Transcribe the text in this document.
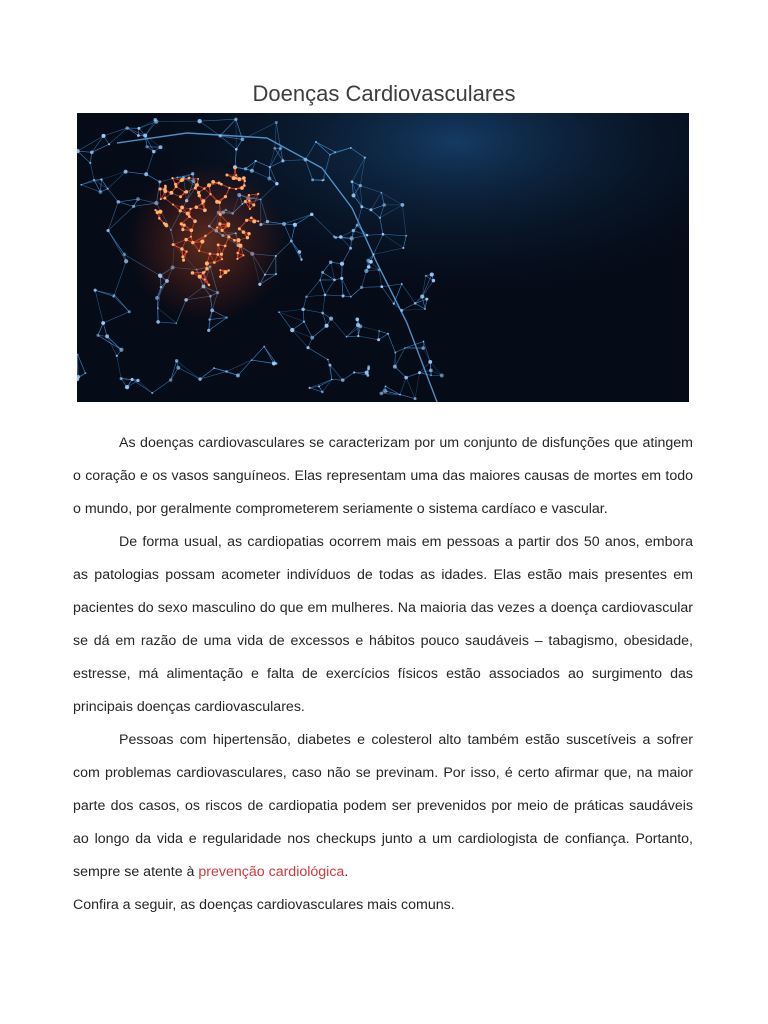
Doenças Cardiovasculares

As doenças cardiovasculares se caracterizam por um conjunto de disfunções que atingem o coração e os vasos sanguíneos. Elas representam uma das maiores causas de mortes em todo o mundo, por geralmente comprometerem seriamente o sistema cardíaco e vascular.

De forma usual, as cardiopatias ocorrem mais em pessoas a partir dos 50 anos, embora as patologias possam acometer indivíduos de todas as idades. Elas estão mais presentes em pacientes do sexo masculino do que em mulheres. Na maioria das vezes a doença cardiovascular se dá em razão de uma vida de excessos e hábitos pouco saudáveis – tabagismo, obesidade, estresse, má alimentação e falta de exercícios físicos estão associados ao surgimento das principais doenças cardiovasculares.

Pessoas com hipertensão, diabetes e colesterol alto também estão suscetíveis a sofrer com problemas cardiovasculares, caso não se previnam. Por isso, é certo afirmar que, na maior parte dos casos, os riscos de cardiopatia podem ser prevenidos por meio de práticas saudáveis ao longo da vida e regularidade nos checkups junto a um cardiologista de confiança. Portanto, sempre se atente à prevenção cardiológica.

Confira a seguir, as doenças cardiovasculares mais comuns.
